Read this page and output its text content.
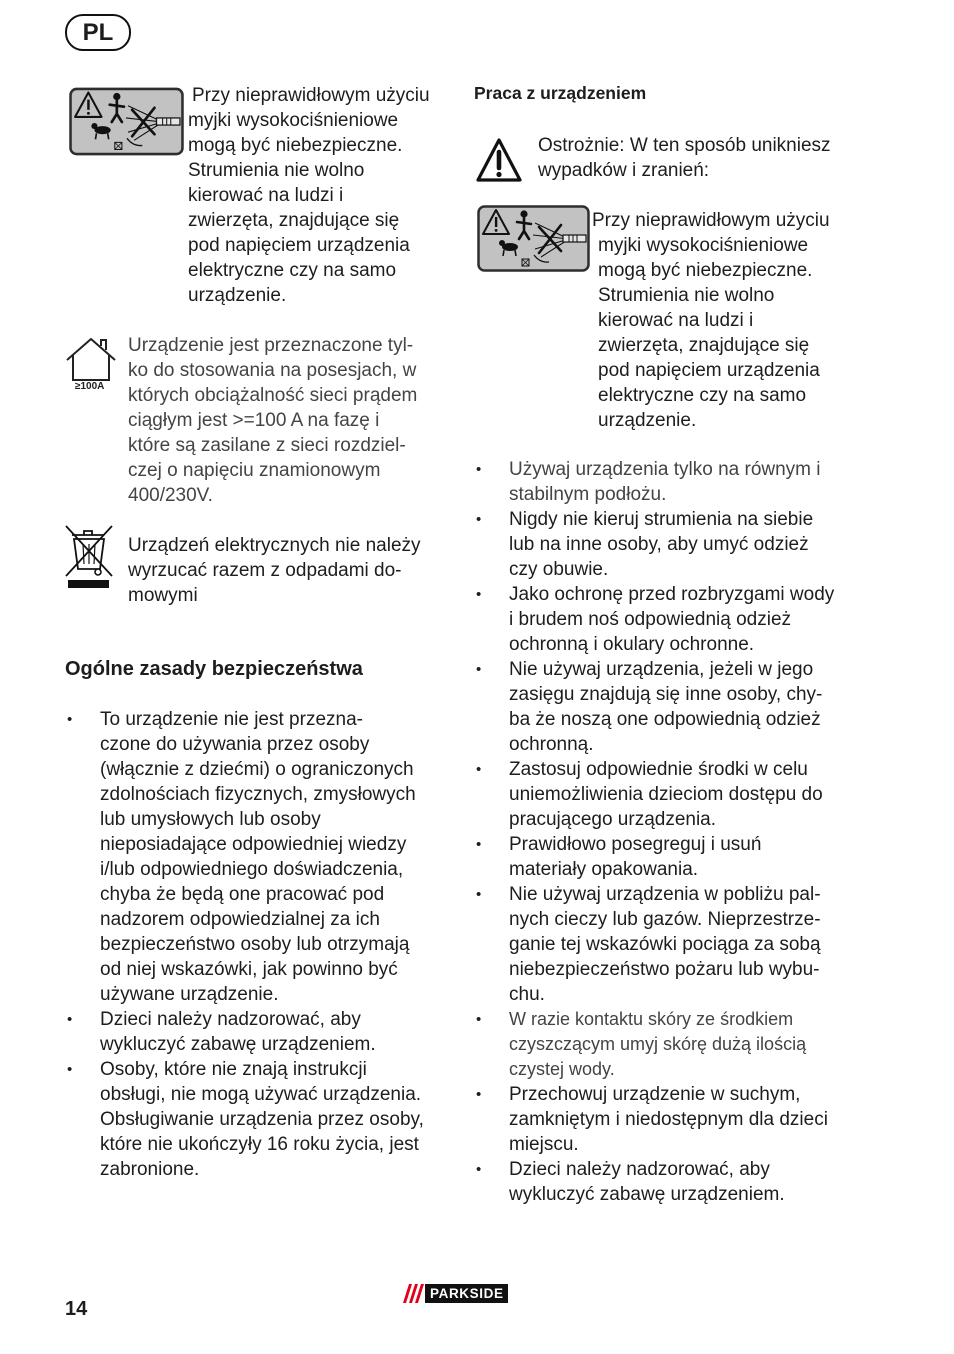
PL
Przy nieprawidłowym użyciu
myjki wysokociśnieniowe
mogą być niebezpieczne.
Strumienia nie wolno
kierować na ludzi i
zwierzęta, znajdujące się
pod napięciem urządzenia
elektryczne czy na samo
urządzenie.
≥100A
Urządzenie jest przeznaczone tyl-
ko do stosowania na posesjach, w
których obciążalność sieci prądem
ciągłym jest >=100 A na fazę i
które są zasilane z sieci rozdziel-
czej o napięciu znamionowym
400/230V.
Urządzeń elektrycznych nie należy
wyrzucać razem z odpadami do-
mowymi
Ogólne zasady bezpieczeństwa
• To urządzenie nie jest przezna-
czone do używania przez osoby
(włącznie z dziećmi) o ograniczonych
zdolnościach fizycznych, zmysłowych
lub umysłowych lub osoby
nieposiadające odpowiedniej wiedzy
i/lub odpowiedniego doświadczenia,
chyba że będą one pracować pod
nadzorem odpowiedzialnej za ich
bezpieczeństwo osoby lub otrzymają
od niej wskazówki, jak powinno być
używane urządzenie.
• Dzieci należy nadzorować, aby
wykluczyć zabawę urządzeniem.
• Osoby, które nie znają instrukcji
obsługi, nie mogą używać urządzenia.
Obsługiwanie urządzenia przez osoby,
które nie ukończyły 16 roku życia, jest
zabronione.
Praca z urządzeniem
Ostrożnie: W ten sposób unikniesz
wypadków i zranień:
Przy nieprawidłowym użyciu
myjki wysokociśnieniowe
mogą być niebezpieczne.
Strumienia nie wolno
kierować na ludzi i
zwierzęta, znajdujące się
pod napięciem urządzenia
elektryczne czy na samo
urządzenie.
• Używaj urządzenia tylko na równym i
stabilnym podłożu.
• Nigdy nie kieruj strumienia na siebie
lub na inne osoby, aby umyć odzież
czy obuwie.
• Jako ochronę przed rozbryzgami wody
i brudem noś odpowiednią odzież
ochronną i okulary ochronne.
• Nie używaj urządzenia, jeżeli w jego
zasięgu znajdują się inne osoby, chy-
ba że noszą one odpowiednią odzież
ochronną.
• Zastosuj odpowiednie środki w celu
uniemożliwienia dzieciom dostępu do
pracującego urządzenia.
• Prawidłowo posegreguj i usuń
materiały opakowania.
• Nie używaj urządzenia w pobliżu pal-
nych cieczy lub gazów. Nieprzestrze-
ganie tej wskazówki pociąga za sobą
niebezpieczeństwo pożaru lub wybu-
chu.
• W razie kontaktu skóry ze środkiem
czyszczącym umyj skórę dużą ilością
czystej wody.
• Przechowuj urządzenie w suchym,
zamkniętym i niedostępnym dla dzieci
miejscu.
• Dzieci należy nadzorować, aby
wykluczyć zabawę urządzeniem.
14
PARKSIDE
